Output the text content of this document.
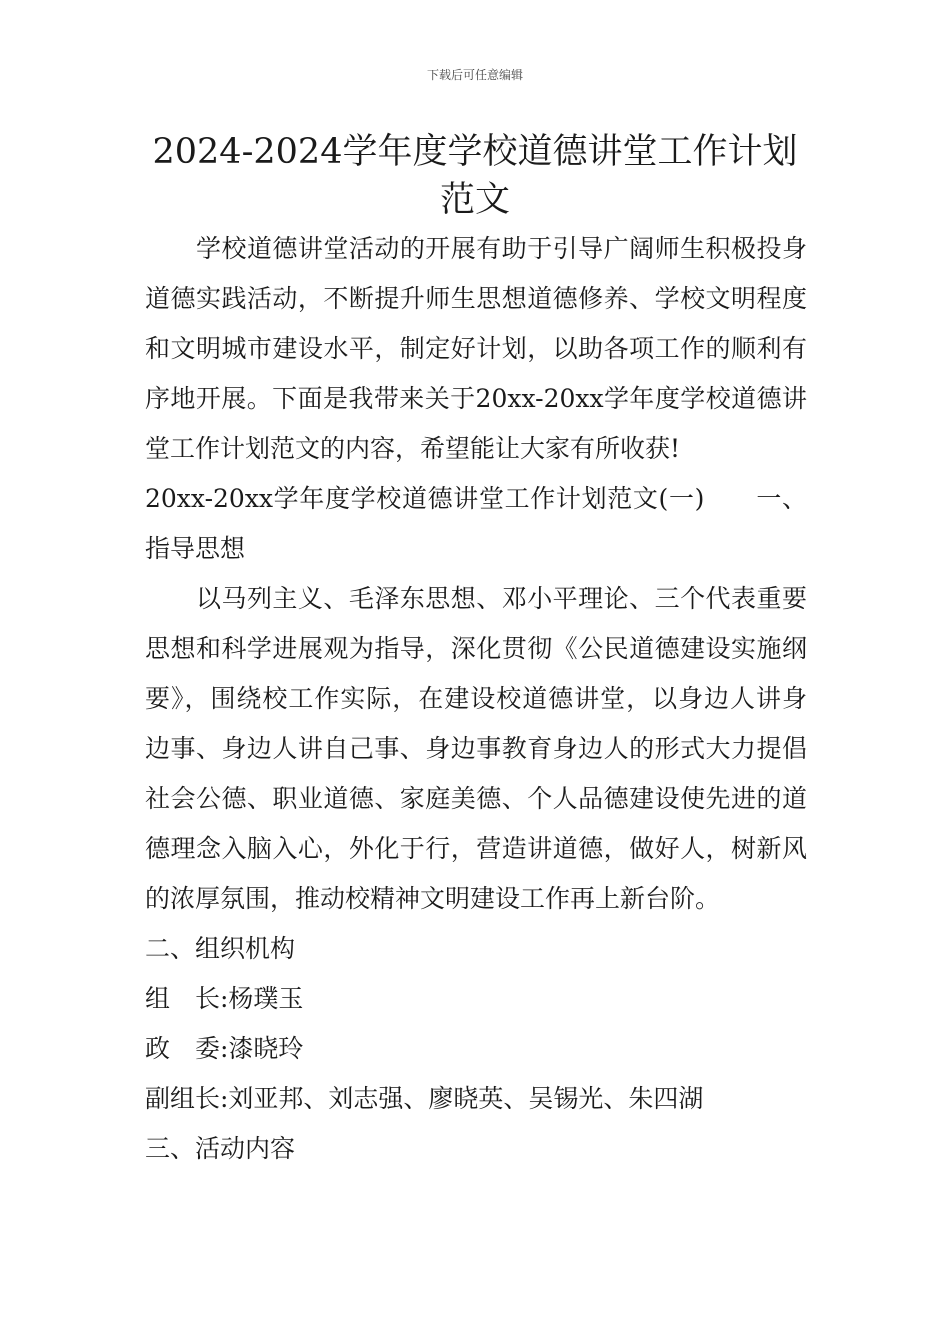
下载后可任意编辑
2024-2024学年度学校道德讲堂工作计划范文

学校道德讲堂活动的开展有助于引导广阔师生积极投身道德实践活动，不断提升师生思想道德修养、学校文明程度和文明城市建设水平，制定好计划，以助各项工作的顺利有序地开展。下面是我带来关于20xx-20xx学年度学校道德讲堂工作计划范文的内容，希望能让大家有所收获!

20xx-20xx学年度学校道德讲堂工作计划范文(一)　　一、指导思想

以马列主义、毛泽东思想、邓小平理论、三个代表重要思想和科学进展观为指导，深化贯彻《公民道德建设实施纲要》，围绕校工作实际，在建设校道德讲堂，以身边人讲身边事、身边人讲自己事、身边事教育身边人的形式大力提倡社会公德、职业道德、家庭美德、个人品德建设使先进的道德理念入脑入心，外化于行，营造讲道德，做好人，树新风的浓厚氛围，推动校精神文明建设工作再上新台阶。

二、组织机构

组　长:杨璞玉

政　委:漆晓玲

副组长:刘亚邦、刘志强、廖晓英、吴锡光、朱四湖

三、活动内容
